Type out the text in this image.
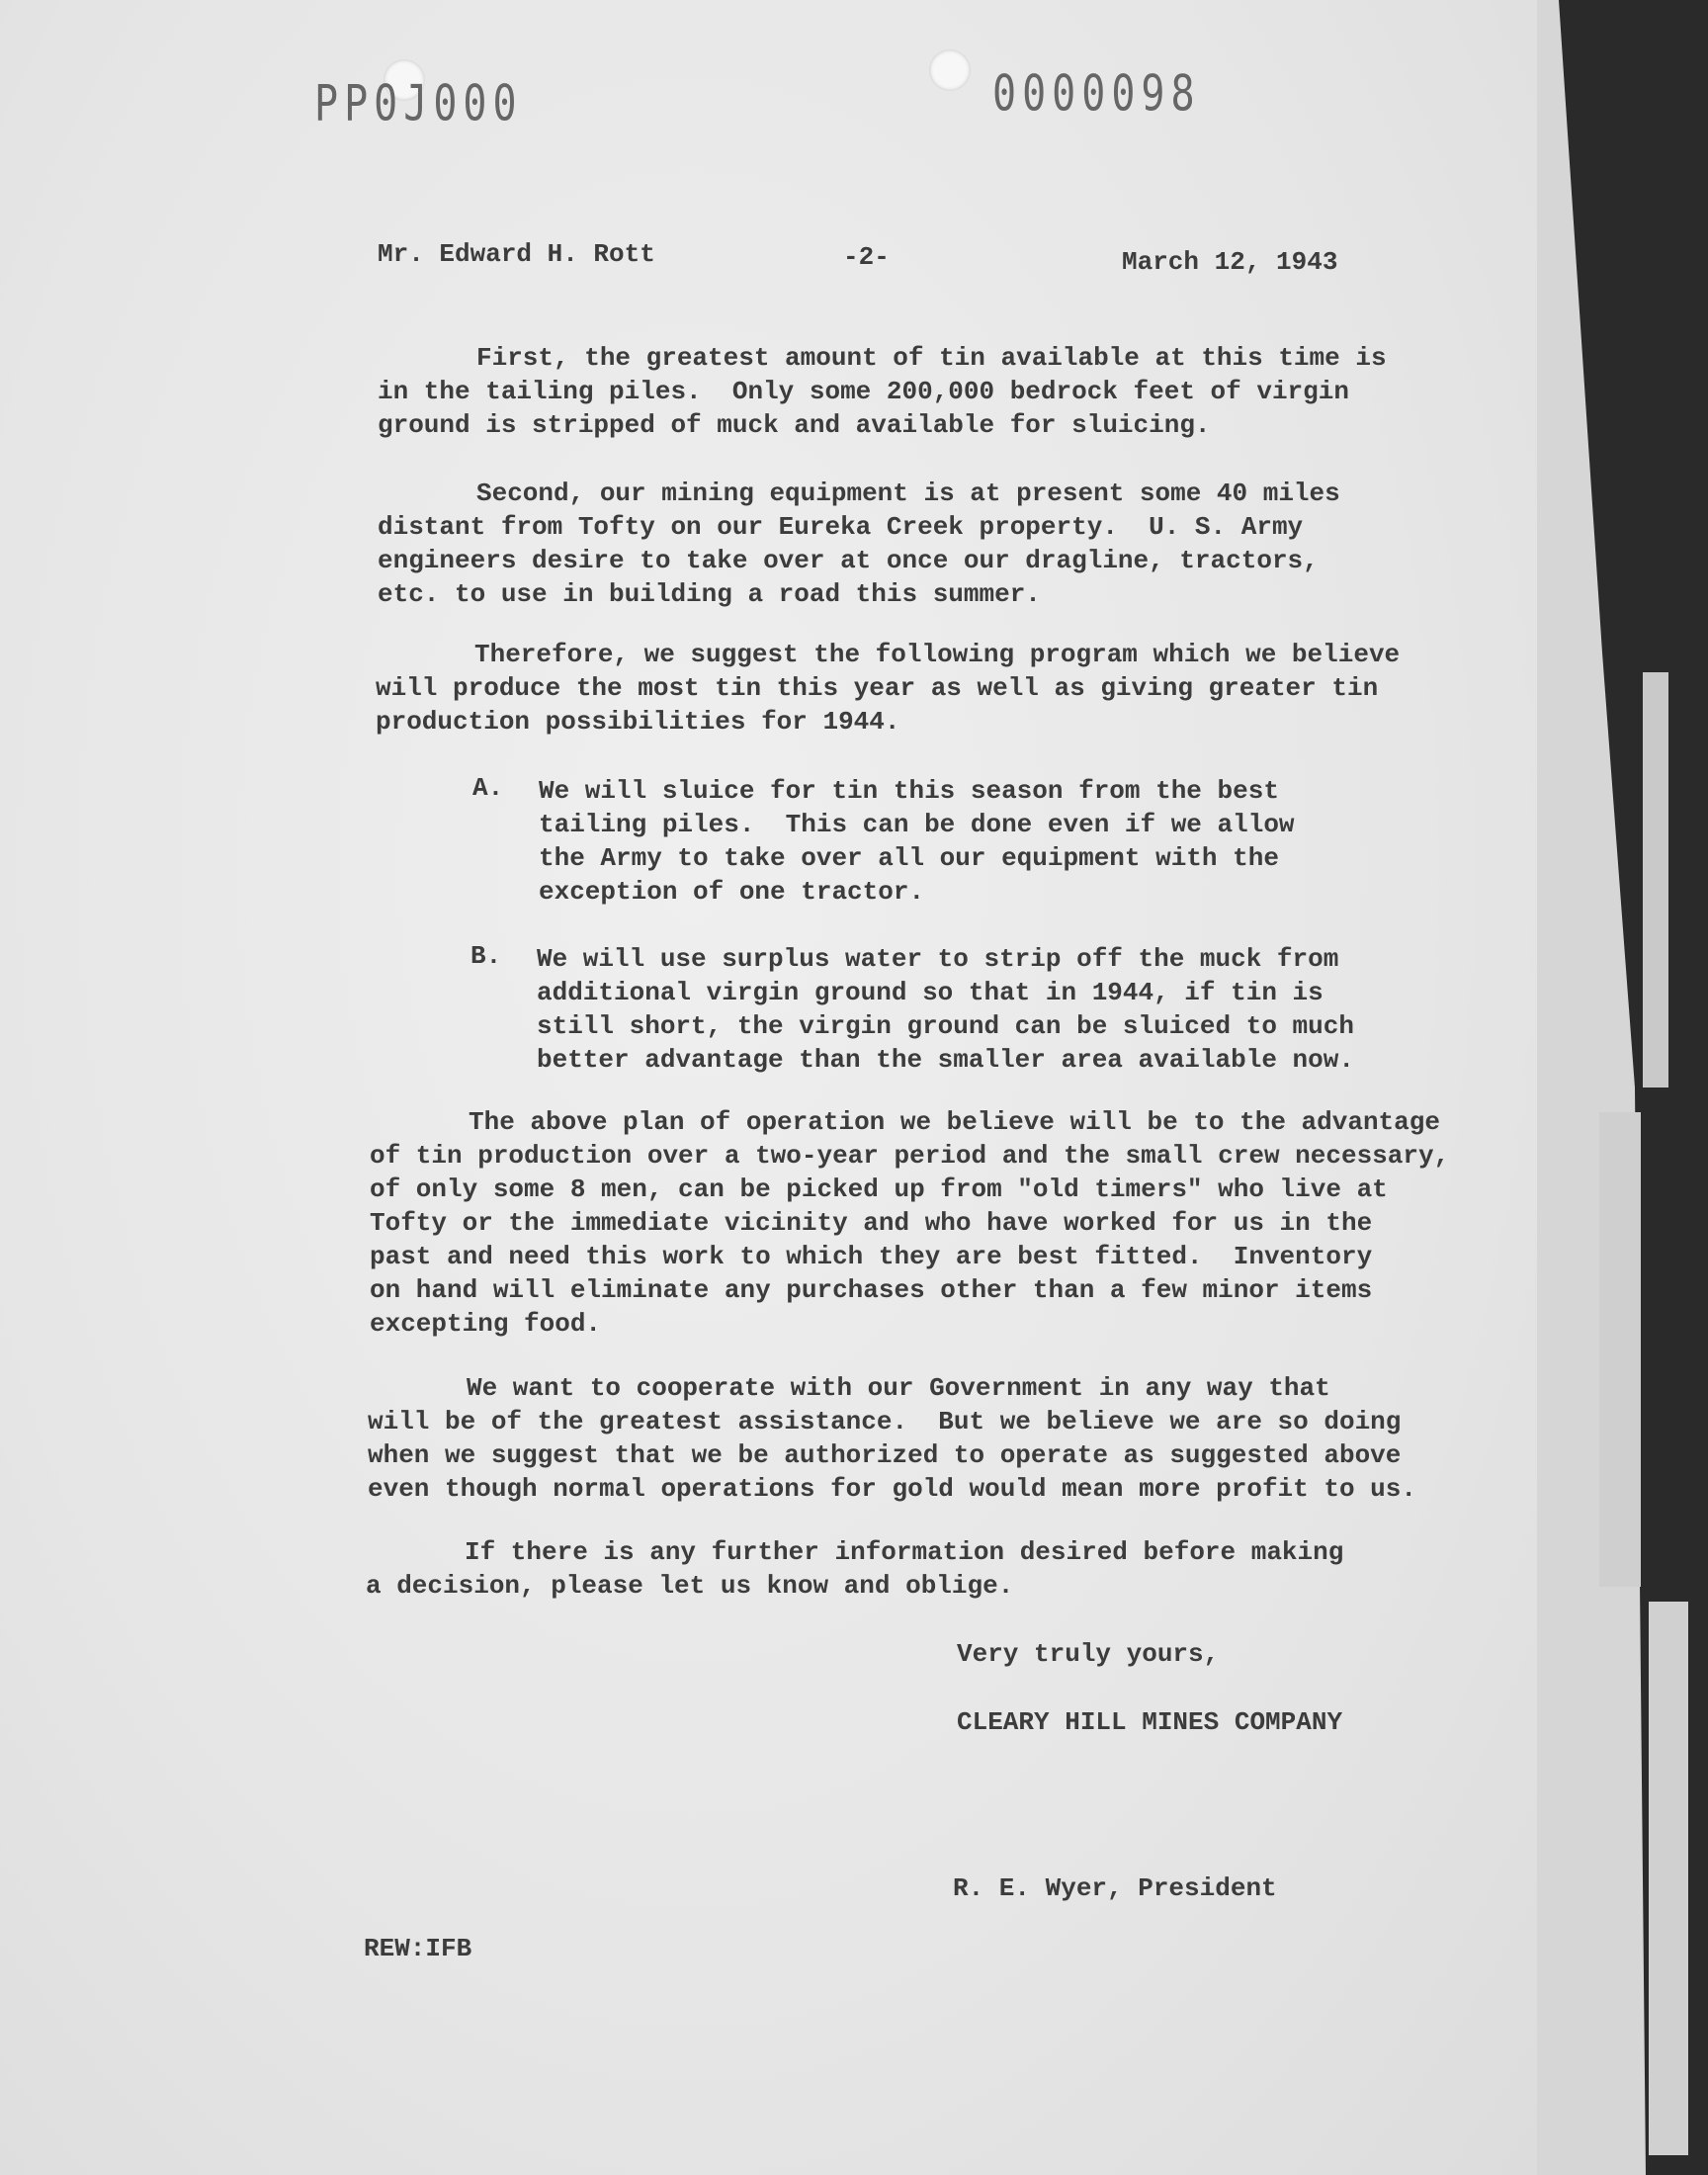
PP0J000	0000098
Mr. Edward H. Rott	-2-	March 12, 1943
First, the greatest amount of tin available at this time is
in the tailing piles.  Only some 200,000 bedrock feet of virgin
ground is stripped of muck and available for sluicing.
Second, our mining equipment is at present some 40 miles
distant from Tofty on our Eureka Creek property.  U. S. Army
engineers desire to take over at once our dragline, tractors,
etc. to use in building a road this summer.
Therefore, we suggest the following program which we believe
will produce the most tin this year as well as giving greater tin
production possibilities for 1944.
A. We will sluice for tin this season from the best
tailing piles.  This can be done even if we allow
the Army to take over all our equipment with the
exception of one tractor.
B. We will use surplus water to strip off the muck from
additional virgin ground so that in 1944, if tin is
still short, the virgin ground can be sluiced to much
better advantage than the smaller area available now.
The above plan of operation we believe will be to the advantage
of tin production over a two-year period and the small crew necessary,
of only some 8 men, can be picked up from "old timers" who live at
Tofty or the immediate vicinity and who have worked for us in the
past and need this work to which they are best fitted.  Inventory
on hand will eliminate any purchases other than a few minor items
excepting food.
We want to cooperate with our Government in any way that
will be of the greatest assistance.  But we believe we are so doing
when we suggest that we be authorized to operate as suggested above
even though normal operations for gold would mean more profit to us.
If there is any further information desired before making
a decision, please let us know and oblige.
Very truly yours,
CLEARY HILL MINES COMPANY
R. E. Wyer, President
REW:IFB
